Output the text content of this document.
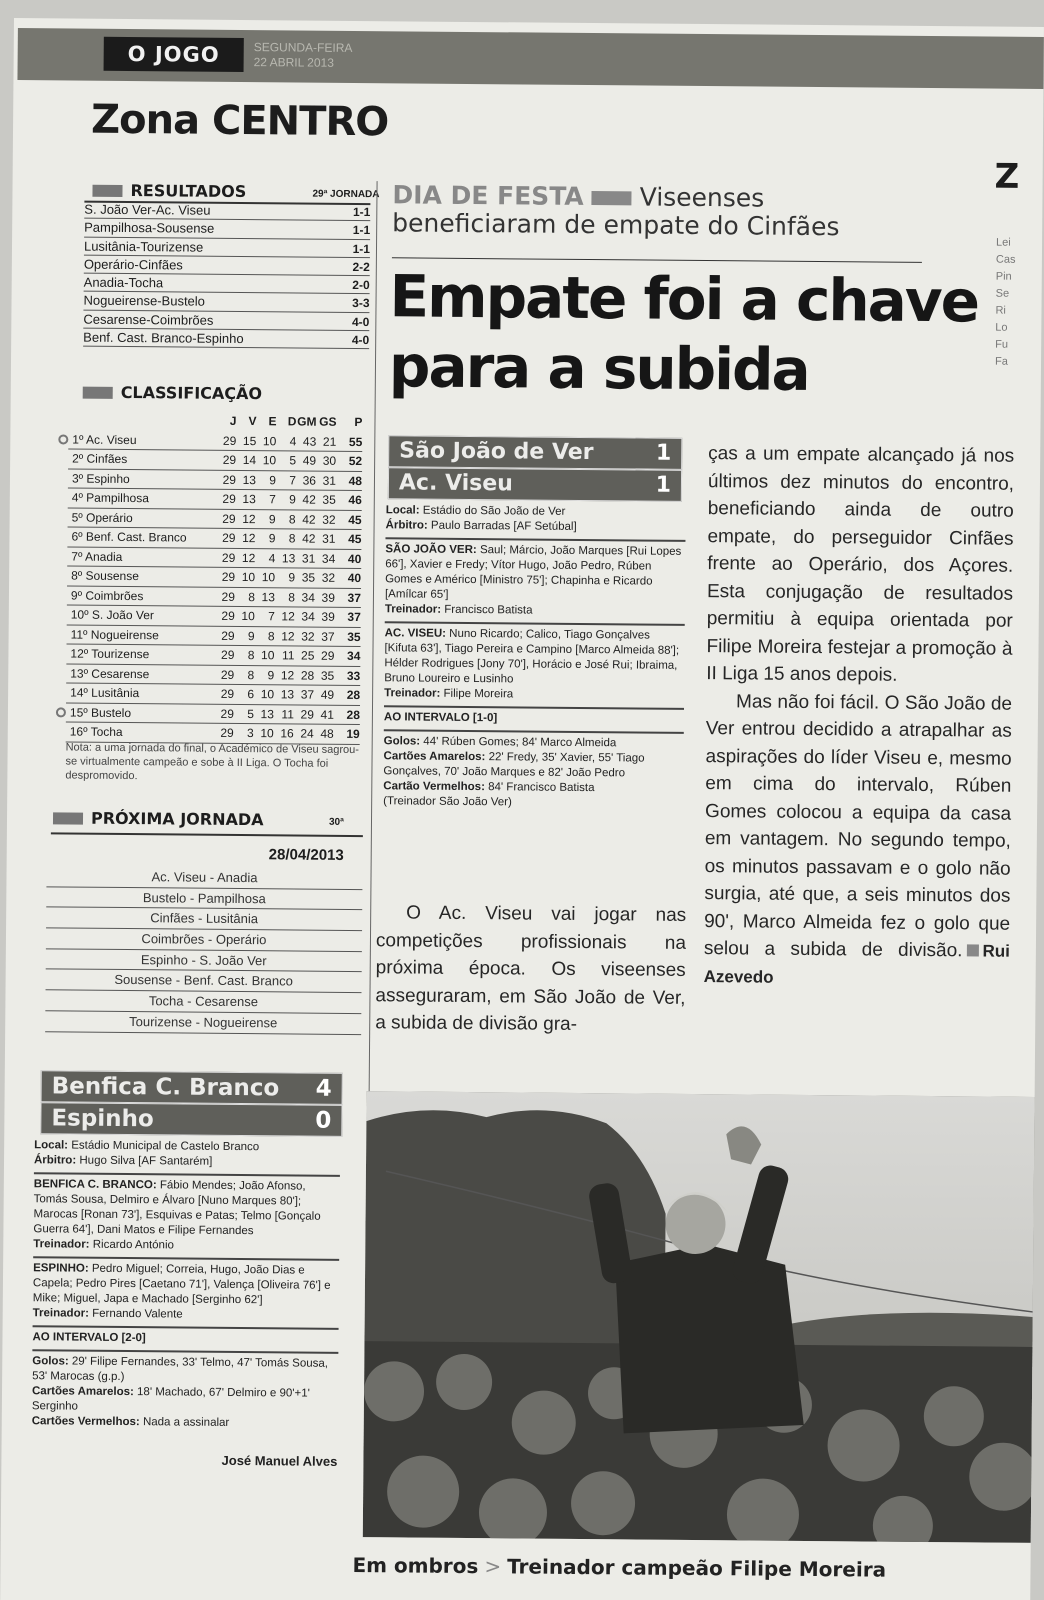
O JOGO	SEGUNDA-FEIRA
22 ABRIL 2013
Zona CENTRO
RESULTADOS	29ª JORNADA
S. João Ver-Ac. Viseu	1-1
Pampilhosa-Sousense	1-1
Lusitânia-Tourizense	1-1
Operário-Cinfães	2-2
Anadia-Tocha	2-0
Nogueirense-Bustelo	3-3
Cesarense-Coimbrões	4-0
Benf. Cast. Branco-Espinho	4-0
CLASSIFICAÇÃO
J V E D GM GS	P
1º Ac. Viseu	29 15 10	4 43 21	55
2º Cinfães	29 14 10	5 49 30	52
3º Espinho	29 13	9	7 36 31	48
4º Pampilhosa	29 13	7	9 42 35	46
5º Operário	29 12	9	8 42 32	45
6º Benf. Cast. Branco	29 12	9	8 42 31	45
7º Anadia	29 12	4 13 31 34	40
8º Sousense	29 10 10	9 35 32	40
9º Coimbrões	29	8 13	8 34 39	37
10º S. João Ver	29 10	7 12 34 39	37
11º Nogueirense	29	9	8 12 32 37	35
12º Tourizense	29	8 10 11 25 29	34
13º Cesarense	29	8	9 12 28 35	33
14º Lusitânia	29	6 10 13 37 49	28
15º Bustelo	29	5 13 11 29 41	28
16º Tocha	29	3 10 16 24 48	19
Nota: a uma jornada do final, o Académico de Viseu sagrou-se virtualmente campeão e sobe à II Liga. O Tocha foi despromovido.
PRÓXIMA JORNADA	30ª
28/04/2013
Ac. Viseu - Anadia
Bustelo - Pampilhosa
Cinfães - Lusitânia
Coimbrões - Operário
Espinho - S. João Ver
Sousense - Benf. Cast. Branco
Tocha - Cesarense
Tourizense - Nogueirense
Benfica C. Branco 4
Espinho	0

Local: Estádio Municipal de Castelo Branco

Árbitro: Hugo Silva [AF Santarém]

BENFICA C. BRANCO: Fábio Mendes; João Afonso, Tomás Sousa, Delmiro e Álvaro [Nuno Marques 80']; Marocas [Ronan 73'], Esquivas e Patas; Telmo [Gonçalo Guerra 64'], Dani Matos e Filipe Fernandes

Treinador: Ricardo António

ESPINHO: Pedro Miguel; Correia, Hugo, João Dias e Capela; Pedro Pires [Caetano 71'], Valença [Oliveira 76'] e Mike; Miguel, Japa e Machado [Serginho 62']

Treinador: Fernando Valente

AO INTERVALO [2-0]

Golos: 29' Filipe Fernandes, 33' Telmo, 47' Tomás Sousa, 53' Marocas (g.p.)

Cartões Amarelos: 18' Machado, 67' Delmiro e 90'+1' Serginho

Cartões Vermelhos: Nada a assinalar

José Manuel Alves

DIA DE FESTA Viseenses beneficiaram de empate do Cinfães
Empate foi a chave para a subida
São João de Ver	1
Ac. Viseu	1

Local: Estádio do São João de Ver

Árbitro: Paulo Barradas [AF Setúbal]

SÃO JOÃO VER: Saul; Márcio, João Marques [Rui Lopes 66'], Xavier e Fredy; Vítor Hugo, João Pedro, Rúben Gomes e Américo [Ministro 75']; Chapinha e Ricardo [Amílcar 65']

Treinador: Francisco Batista

AC. VISEU: Nuno Ricardo; Calico, Tiago Gonçalves [Kifuta 63'], Tiago Pereira e Campino [Marco Almeida 88']; Hélder Rodrigues [Jony 70'], Horácio e José Rui; Ibraima, Bruno Loureiro e Lusinho

Treinador: Filipe Moreira

AO INTERVALO [1-0]

Golos: 44' Rúben Gomes; 84' Marco Almeida

Cartões Amarelos: 22' Fredy, 35' Xavier, 55' Tiago Gonçalves, 70' João Marques e 82' João Pedro

Cartão Vermelhos: 84' Francisco Batista

(Treinador São João Ver)

O Ac. Viseu vai jogar nas competições profissionais na próxima época. Os viseenses asseguraram, em São João de Ver, a subida de divisão gra-

ças a um empate alcançado já nos últimos dez minutos do encontro, beneficiando ainda de outro empate, do perseguidor Cinfães frente ao Operário, dos Açores. Esta conjugação de resultados permitiu à equipa orientada por Filipe Moreira festejar a promoção à II Liga 15 anos depois.

Mas não foi fácil. O São João de Ver entrou decidido a atrapalhar as aspirações do líder Viseu e, mesmo em cima do intervalo, Rúben Gomes colocou a equipa da casa em vantagem. No segundo tempo, os minutos passavam e o golo não surgia, até que, a seis minutos dos 90', Marco Almeida fez o golo que selou a subida de divisão. Rui Azevedo

Em ombros > Treinador campeão Filipe Moreira
Z
Lei
Cas
Pin
Se
Ri
Lo
Fu
Fa
